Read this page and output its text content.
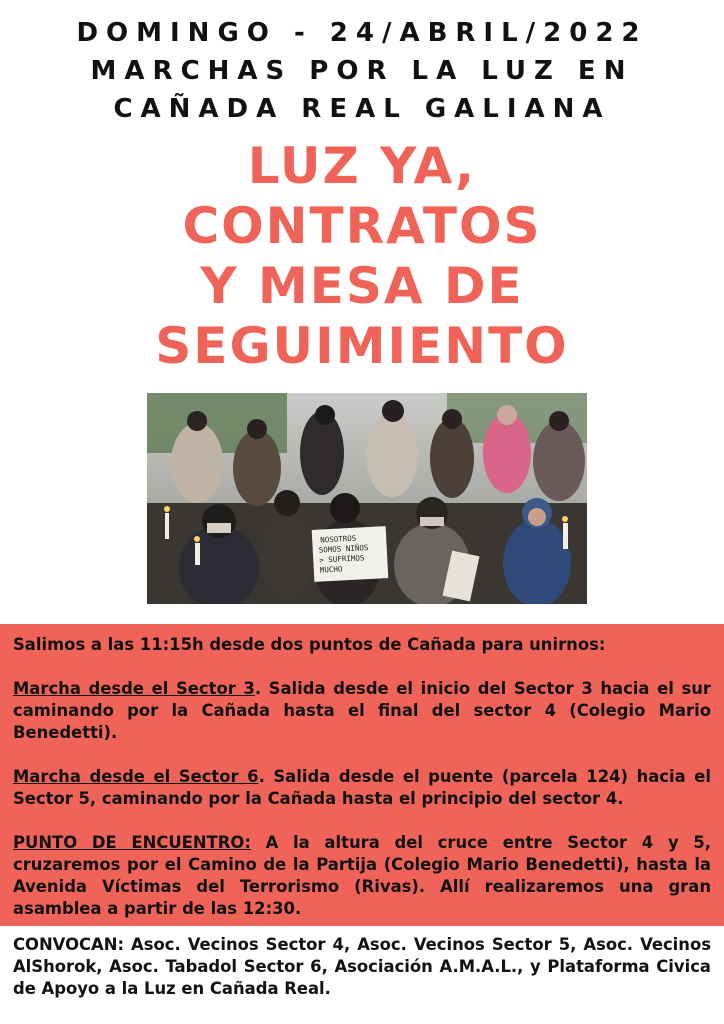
DOMINGO - 24/ABRIL/2022
MARCHAS POR LA LUZ EN
CAÑADA REAL GALIANA
LUZ YA,
CONTRATOS
Y MESA DE
SEGUIMIENTO
NOSOTROS
SOMOS NIÑOS
> SUFRIMOS
MUCHO

Salimos a las 11:15h desde dos puntos de Cañada para unirnos:

Marcha desde el Sector 3. Salida desde el inicio del Sector 3 hacia el sur caminando por la Cañada hasta el final del sector 4 (Colegio Mario Benedetti).

Marcha desde el Sector 6. Salida desde el puente (parcela 124) hacia el Sector 5, caminando por la Cañada hasta el principio del sector 4.

PUNTO DE ENCUENTRO: A la altura del cruce entre Sector 4 y 5, cruzaremos por el Camino de la Partija (Colegio Mario Benedetti), hasta la Avenida Víctimas del Terrorismo (Rivas). Allí realizaremos una gran asamblea a partir de las 12:30.

CONVOCAN: Asoc. Vecinos Sector 4, Asoc. Vecinos Sector 5, Asoc. Vecinos AlShorok, Asoc. Tabadol Sector 6, Asociación A.M.A.L., y Plataforma Civica de Apoyo a la Luz en Cañada Real.
